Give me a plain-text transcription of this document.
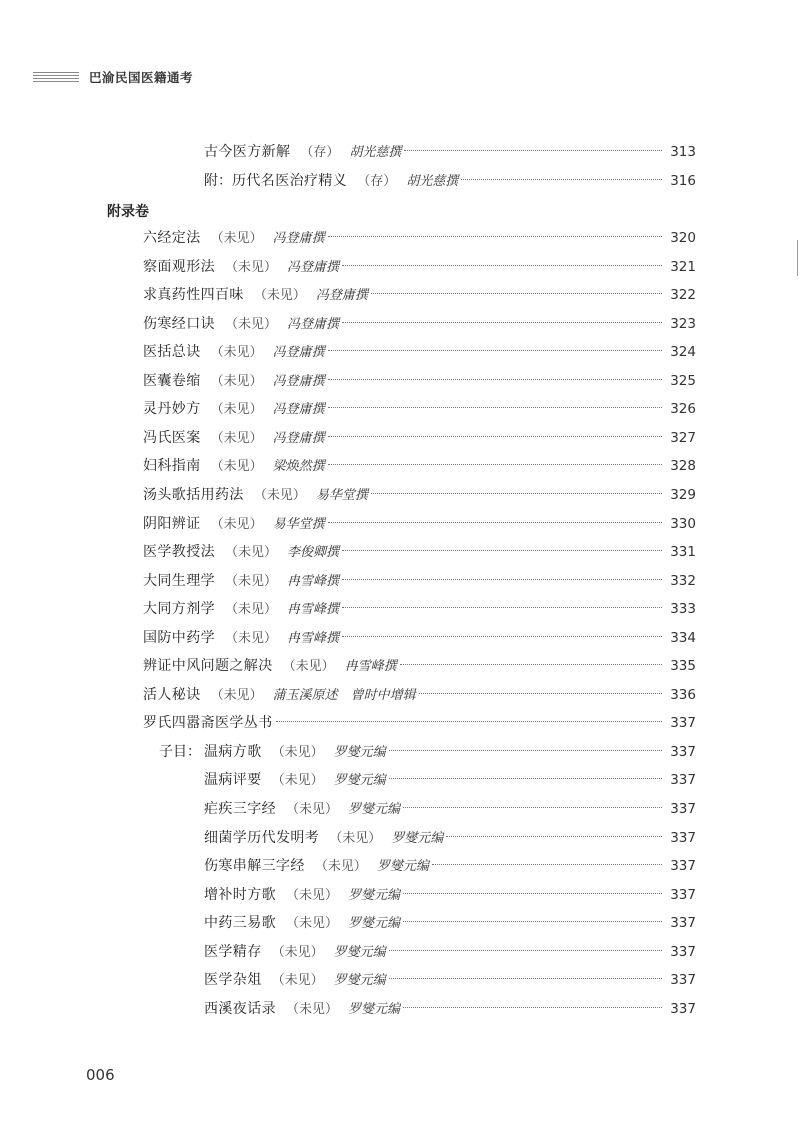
巴渝民国医籍通考
附录卷
古今医方新解 （存） 胡光慈撰	313
附： 历代名医治疗精义 （存） 胡光慈撰	316
六经定法 （未见） 冯登庸撰	320
察面观形法 （未见） 冯登庸撰	321
求真药性四百味 （未见） 冯登庸撰	322
伤寒经口诀 （未见） 冯登庸撰	323
医括总诀 （未见） 冯登庸撰	324
医囊卷缩 （未见） 冯登庸撰	325
灵丹妙方 （未见） 冯登庸撰	326
冯氏医案 （未见） 冯登庸撰	327
妇科指南 （未见） 梁焕然撰	328
汤头歌括用药法 （未见） 易华堂撰	329
阴阳辨证 （未见） 易华堂撰	330
医学教授法 （未见） 李俊卿撰	331
大同生理学 （未见） 冉雪峰撰	332
大同方剂学 （未见） 冉雪峰撰	333
国防中药学 （未见） 冉雪峰撰	334
辨证中风问题之解决 （未见） 冉雪峰撰	335
活人秘诀 （未见） 蒲玉溪原述　曾时中增辑	336
罗氏四嚣斋医学丛书	337
子目： 温病方歌 （未见） 罗燮元编	337
温病评要 （未见） 罗燮元编	337
疟疾三字经 （未见） 罗燮元编	337
细菌学历代发明考 （未见） 罗燮元编	337
伤寒串解三字经 （未见） 罗燮元编	337
增补时方歌 （未见） 罗燮元编	337
中药三易歌 （未见） 罗燮元编	337
医学精存 （未见） 罗燮元编	337
医学杂俎 （未见） 罗燮元编	337
西溪夜话录 （未见） 罗燮元编	337
006
